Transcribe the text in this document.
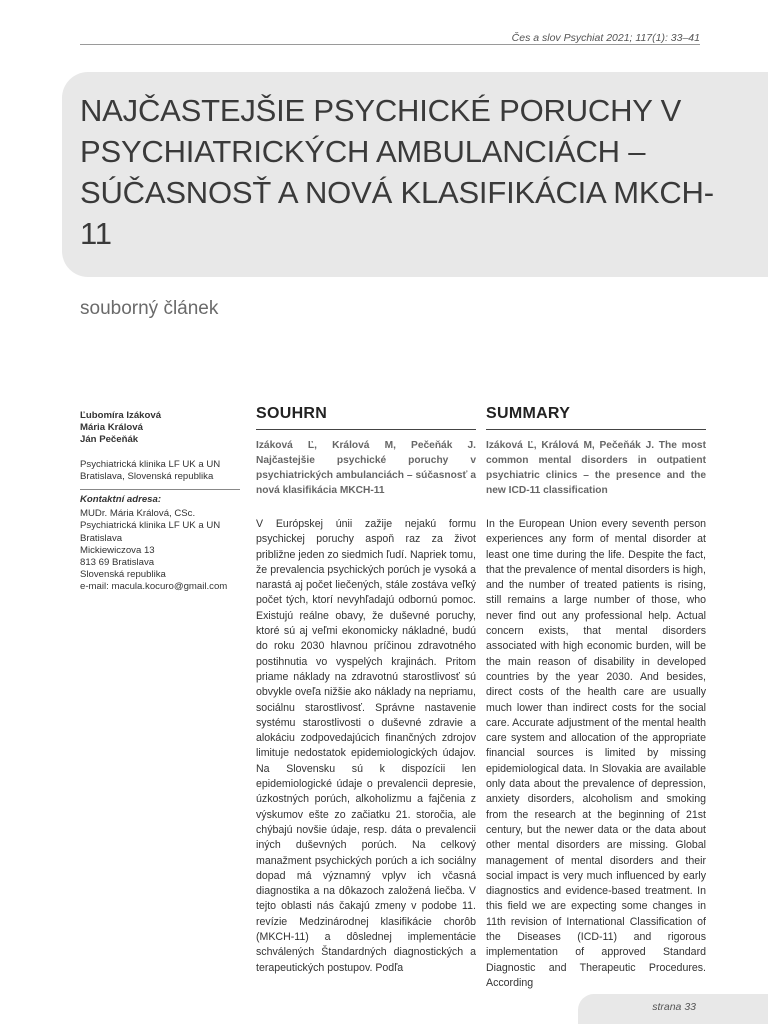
Čes a slov Psychiat 2021; 117(1): 33–41
NAJČASTEJŠIE PSYCHICKÉ PORUCHY V PSYCHIATRICKÝCH AMBULANCIÁCH – SÚČASNOSŤ A NOVÁ KLASIFIKÁCIA MKCH-11
souborný článek
Ľubomíra Izáková
Mária Králová
Ján Pečeňák
Psychiatrická klinika LF UK a UN
Bratislava, Slovenská republika
Kontaktní adresa:
MUDr. Mária Králová, CSc.
Psychiatrická klinika LF UK a UN
Bratislava
Mickiewiczova 13
813 69 Bratislava
Slovenská republika
e-mail: macula.kocuro@gmail.com
SOUHRN

Izáková Ľ, Králová M, Pečeňák J. Najčastejšie psychické poruchy v psychiatrických ambulanciách – súčasnosť a nová klasifikácia MKCH-11

V Európskej únii zažije nejakú formu psychickej poruchy aspoň raz za život približne jeden zo siedmich ľudí. Napriek tomu, že prevalencia psychických porúch je vysoká a narastá aj počet liečených, stále zostáva veľký počet tých, ktorí nevyhľadajú odbornú pomoc. Existujú reálne obavy, že duševné poruchy, ktoré sú aj veľmi ekonomicky nákladné, budú do roku 2030 hlavnou príčinou zdravotného postihnutia vo vyspelých krajinách. Pritom priame náklady na zdravotnú starostlivosť sú obvykle oveľa nižšie ako náklady na nepriamu, sociálnu starostlivosť. Správne nastavenie systému starostlivosti o duševné zdravie a alokáciu zodpovedajúcich finančných zdrojov limituje nedostatok epidemiologických údajov. Na Slovensku sú k dispozícii len epidemiologické údaje o prevalencii depresie, úzkostných porúch, alkoholizmu a fajčenia z výskumov ešte zo začiatku 21. storočia, ale chýbajú novšie údaje, resp. dáta o prevalencii iných duševných porúch. Na celkový manažment psychických porúch a ich sociálny dopad má významný vplyv ich včasná diagnostika a na dôkazoch založená liečba. V tejto oblasti nás čakajú zmeny v podobe 11. revízie Medzinárodnej klasifikácie chorôb (MKCH-11) a dôslednej implementácie schválených Štandardných diagnostických a terapeutických postupov. Podľa

SUMMARY

Izáková Ľ, Králová M, Pečeňák J. The most common mental disorders in outpatient psychiatric clinics – the presence and the new ICD-11 classification

In the European Union every seventh person experiences any form of mental disorder at least one time during the life. Despite the fact, that the prevalence of mental disorders is high, and the number of treated patients is rising, still remains a large number of those, who never find out any professional help. Actual concern exists, that mental disorders associated with high economic burden, will be the main reason of disability in developed countries by the year 2030. And besides, direct costs of the health care are usually much lower than indirect costs for the social care. Accurate adjustment of the mental health care system and allocation of the appropriate financial sources is limited by missing epidemiological data. In Slovakia are available only data about the prevalence of depression, anxiety disorders, alcoholism and smoking from the research at the beginning of 21st century, but the newer data or the data about other mental disorders are missing. Global management of mental disorders and their social impact is very much influenced by early diagnostics and evidence-based treatment. In this field we are expecting some changes in 11th revision of International Classification of the Diseases (ICD-11) and rigorous implementation of approved Standard Diagnostic and Therapeutic Procedures. According

strana 33
